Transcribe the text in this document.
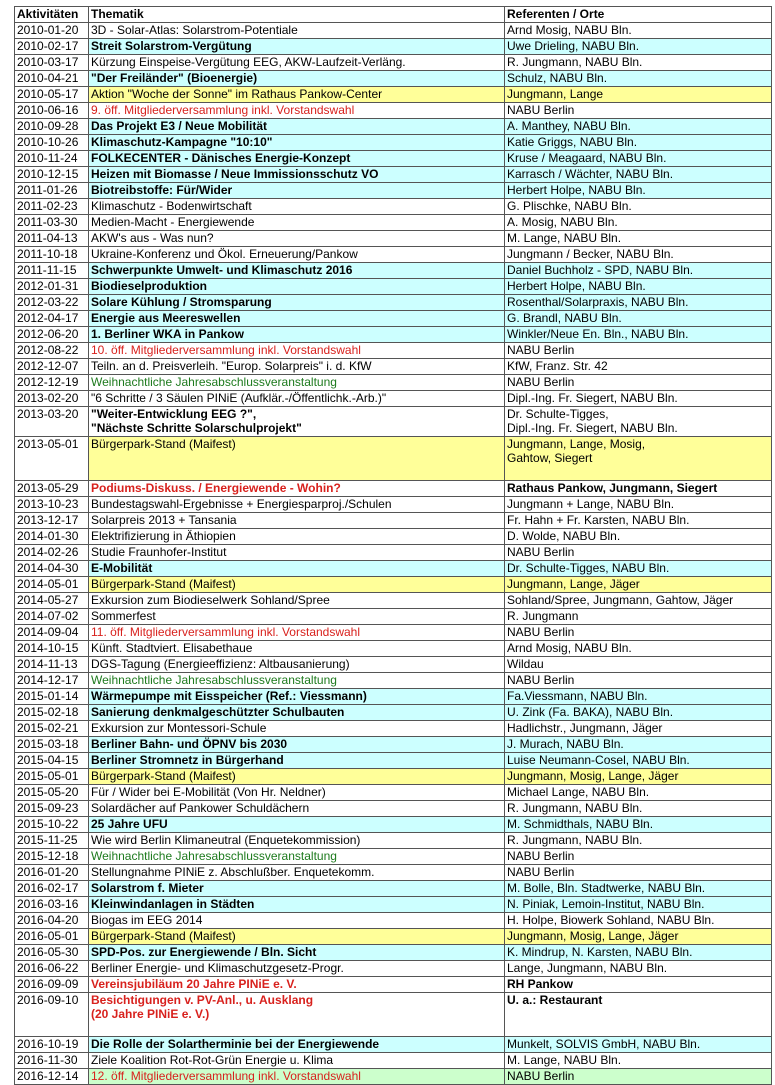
Aktivitäten	Thematik	Referenten / Orte
2010-01-20	3D - Solar-Atlas: Solarstrom-Potentiale	Arnd Mosig, NABU Bln.

2010-02-17	Streit Solarstrom-Vergütung	Uwe Drieling, NABU Bln.

2010-03-17	Kürzung Einspeise-Vergütung EEG, AKW-Laufzeit-Verläng.	R. Jungmann, NABU Bln.

2010-04-21	"Der Freiländer" (Bioenergie)	Schulz, NABU Bln.

2010-05-17	Aktion "Woche der Sonne" im Rathaus Pankow-Center	Jungmann, Lange

2010-06-16	9. öff. Mitgliederversammlung inkl. Vorstandswahl	NABU Berlin

2010-09-28	Das Projekt E3 / Neue Mobilität	A. Manthey, NABU Bln.

2010-10-26	Klimaschutz-Kampagne "10:10"	Katie Griggs, NABU Bln.

2010-11-24	FOLKECENTER - Dänisches Energie-Konzept	Kruse / Meagaard, NABU Bln.

2010-12-15	Heizen mit Biomasse / Neue Immissionsschutz VO	Karrasch / Wächter, NABU Bln.

2011-01-26	Biotreibstoffe: Für/Wider	Herbert Holpe, NABU Bln.

2011-02-23	Klimaschutz - Bodenwirtschaft	G. Plischke, NABU Bln.

2011-03-30	Medien-Macht - Energiewende	A. Mosig, NABU Bln.

2011-04-13	AKW's aus - Was nun?	M. Lange, NABU Bln.

2011-10-18	Ukraine-Konferenz und Ökol. Erneuerung/Pankow	Jungmann / Becker, NABU Bln.

2011-11-15	Schwerpunkte Umwelt- und Klimaschutz 2016	Daniel Buchholz - SPD, NABU Bln.

2012-01-31	Biodieselproduktion	Herbert Holpe, NABU Bln.

2012-03-22	Solare Kühlung / Stromsparung	Rosenthal/Solarpraxis, NABU Bln.

2012-04-17	Energie aus Meereswellen	G. Brandl, NABU Bln.

2012-06-20	1. Berliner WKA in Pankow	Winkler/Neue En. Bln., NABU Bln.

2012-08-22	10. öff. Mitgliederversammlung inkl. Vorstandswahl	NABU Berlin

2012-12-07	Teiln. an d. Preisverleih. "Europ. Solarpreis" i. d. KfW	KfW, Franz. Str. 42

2012-12-19	Weihnachtliche Jahresabschlussveranstaltung	NABU Berlin

2013-02-20	"6 Schritte / 3 Säulen PINiE (Aufklär.-/Öffentlichk.-Arb.)"	Dipl.-Ing. Fr. Siegert, NABU Bln.

2013-03-20	"Weiter-Entwicklung EEG ?",
"Nächste Schritte Solarschulprojekt"	Dr. Schulte-Tigges,
Dipl.-Ing. Fr. Siegert, NABU Bln.

2013-05-01	Bürgerpark-Stand (Maifest)	Jungmann, Lange, Mosig,
Gahtow, Siegert

2013-05-29	Podiums-Diskuss. / Energiewende - Wohin?	Rathaus Pankow, Jungmann, Siegert

2013-10-23	Bundestagswahl-Ergebnisse + Energiesparproj./Schulen	Jungmann + Lange, NABU Bln.

2013-12-17	Solarpreis 2013 + Tansania	Fr. Hahn + Fr. Karsten, NABU Bln.

2014-01-30	Elektrifizierung in Äthiopien	D. Wolde, NABU Bln.

2014-02-26	Studie Fraunhofer-Institut	NABU Berlin

2014-04-30	E-Mobilität	Dr. Schulte-Tigges, NABU Bln.

2014-05-01	Bürgerpark-Stand (Maifest)	Jungmann, Lange, Jäger

2014-05-27	Exkursion zum Biodieselwerk Sohland/Spree	Sohland/Spree, Jungmann, Gahtow, Jäger

2014-07-02	Sommerfest	R. Jungmann

2014-09-04	11. öff. Mitgliederversammlung inkl. Vorstandswahl	NABU Berlin

2014-10-15	Künft. Stadtviert. Elisabethaue	Arnd Mosig, NABU Bln.

2014-11-13	DGS-Tagung (Energieeffizienz: Altbausanierung)	Wildau

2014-12-17	Weihnachtliche Jahresabschlussveranstaltung	NABU Berlin

2015-01-14	Wärmepumpe mit Eisspeicher (Ref.: Viessmann)	Fa.Viessmann, NABU Bln.

2015-02-18	Sanierung denkmalgeschützter Schulbauten	U. Zink (Fa. BAKA), NABU Bln.

2015-02-21	Exkursion zur Montessori-Schule	Hadlichstr., Jungmann, Jäger

2015-03-18	Berliner Bahn- und ÖPNV bis 2030	J. Murach, NABU Bln.

2015-04-15	Berliner Stromnetz in Bürgerhand	Luise Neumann-Cosel, NABU Bln.

2015-05-01	Bürgerpark-Stand (Maifest)	Jungmann, Mosig, Lange, Jäger

2015-05-20	Für / Wider bei E-Mobilität (Von Hr. Neldner)	Michael Lange, NABU Bln.

2015-09-23	Solardächer auf Pankower Schuldächern	R. Jungmann, NABU Bln.

2015-10-22	25 Jahre UFU	M. Schmidthals, NABU Bln.

2015-11-25	Wie wird Berlin Klimaneutral (Enquetekommission)	R. Jungmann, NABU Bln.

2015-12-18	Weihnachtliche Jahresabschlussveranstaltung	NABU Berlin

2016-01-20	Stellungnahme PINiE z. Abschlußber. Enquetekomm.	NABU Berlin

2016-02-17	Solarstrom f. Mieter	M. Bolle, Bln. Stadtwerke, NABU Bln.

2016-03-16	Kleinwindanlagen in Städten	N. Piniak, Lemoin-Institut, NABU Bln.

2016-04-20	Biogas im EEG 2014	H. Holpe, Biowerk Sohland, NABU Bln.

2016-05-01	Bürgerpark-Stand (Maifest)	Jungmann, Mosig, Lange, Jäger

2016-05-30	SPD-Pos. zur Energiewende / Bln. Sicht	K. Mindrup, N. Karsten, NABU Bln.

2016-06-22	Berliner Energie- und Klimaschutzgesetz-Progr.	Lange, Jungmann, NABU Bln.

2016-09-09	Vereinsjubiläum 20 Jahre PINiE e. V.	RH Pankow

2016-09-10	Besichtigungen v. PV-Anl., u. Ausklang
(20 Jahre PINiE e. V.)	U. a.: Restaurant

2016-10-19	Die Rolle der Solartherminie bei der Energiewende	Munkelt, SOLVIS GmbH, NABU Bln.

2016-11-30	Ziele Koalition Rot-Rot-Grün Energie u. Klima	M. Lange, NABU Bln.

2016-12-14	12. öff. Mitgliederversammlung inkl. Vorstandswahl	NABU Berlin
